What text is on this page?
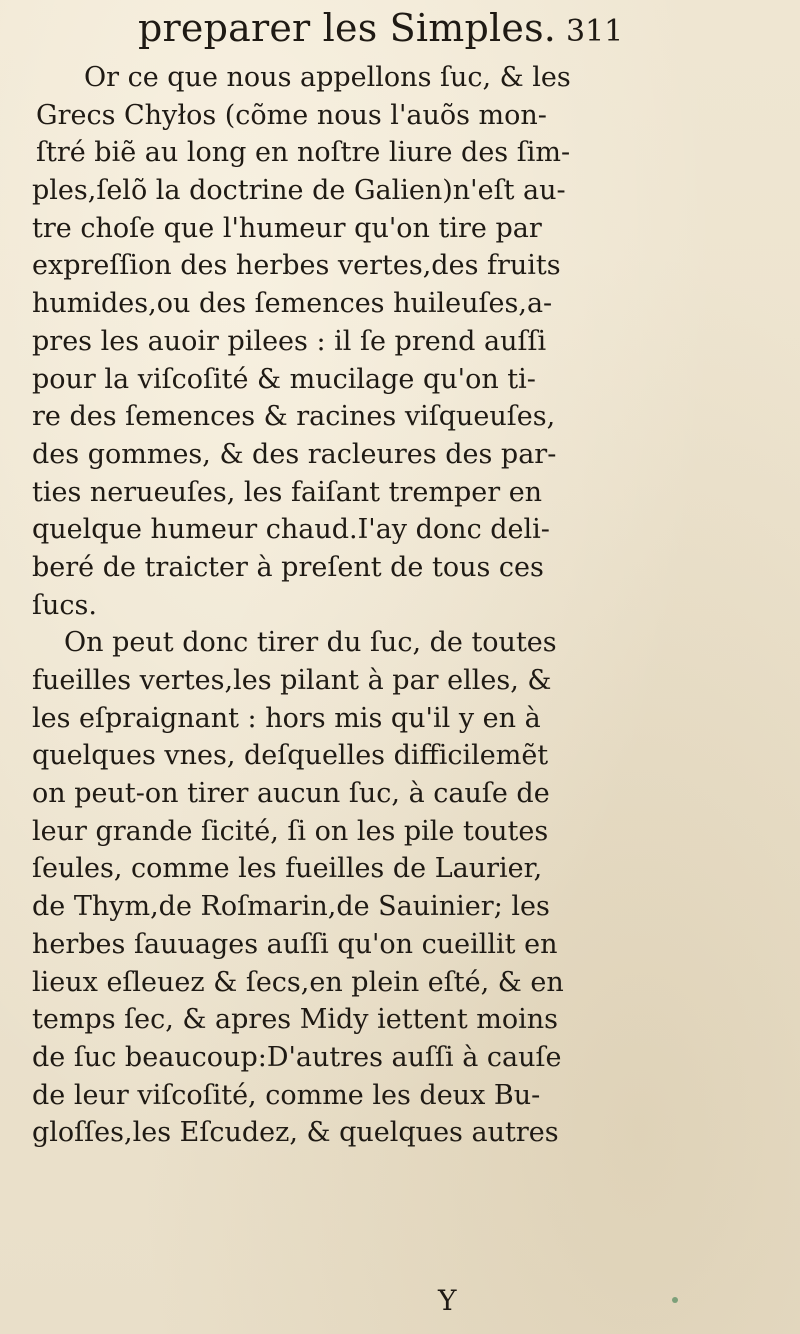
preparer les Simples. 311
Or ce que nous appellons ſuc, & les
Grecs Chyłos (cõme nous l'auõs mon-
ſtré biẽ au long en noſtre liure des ſim-
ples,ſelõ la doctrine de Galien)n'eſt au-
tre choſe que l'humeur qu'on tire par
expreſſion des herbes vertes,des fruits
humides,ou des ſemences huileuſes,a-
pres les auoir pilees : il ſe prend auſſi
pour la viſcoſité & mucilage qu'on ti-
re des ſemences & racines viſqueuſes,
des gommes, & des racleures des par-
ties nerueuſes, les faiſant tremper en
quelque humeur chaud.I'ay donc deli-
beré de traicter à preſent de tous ces
ſucs.
On peut donc tirer du ſuc, de toutes
fueilles vertes,les pilant à par elles, &
les eſpraignant : hors mis qu'il y en à
quelques vnes, deſquelles difficilemẽt
on peut-on tirer aucun ſuc, à cauſe de
leur grande ſicité, ſi on les pile toutes
ſeules, comme les fueilles de Laurier,
de Thym,de Roſmarin,de Sauinier; les
herbes ſauuages auſſi qu'on cueillit en
lieux eſleuez & ſecs,en plein eſté, & en
temps ſec, & apres Midy iettent moins
de ſuc beaucoup:D'autres auſſi à cauſe
de leur viſcoſité, comme les deux Bu-
gloſſes,les Eſcudez, & quelques autres
Y
